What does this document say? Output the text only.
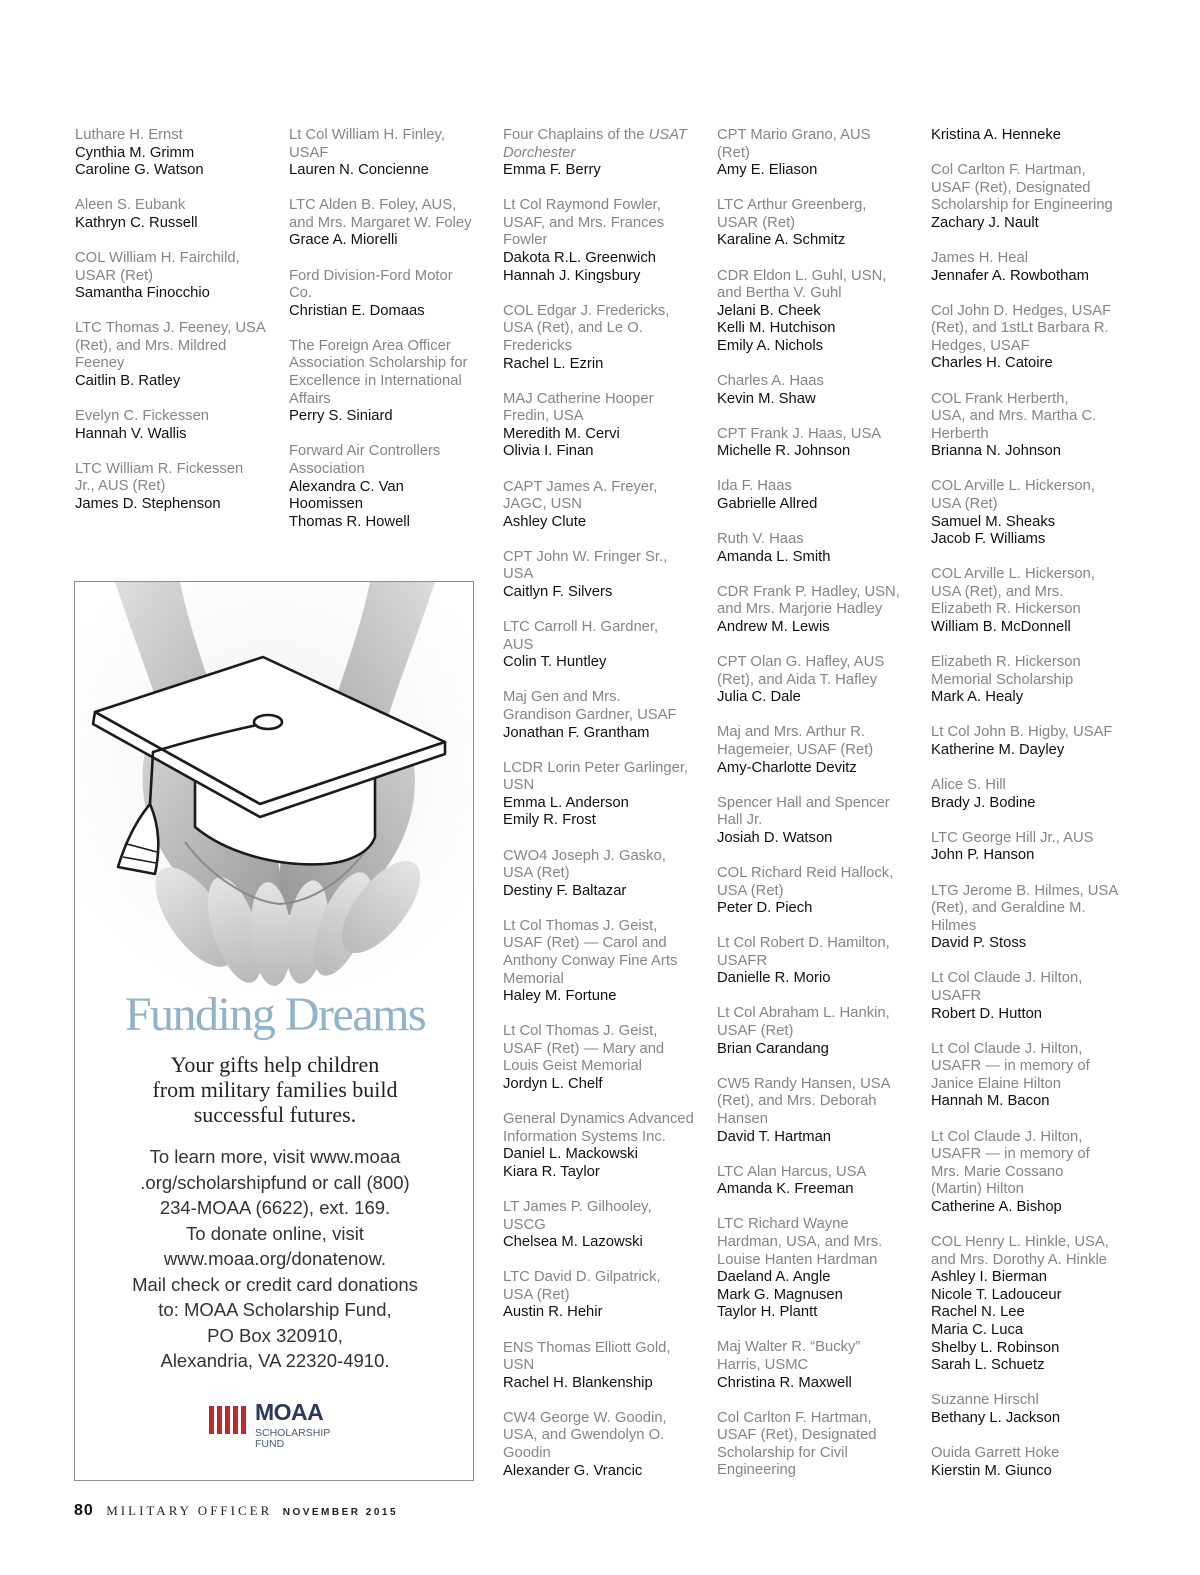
Luthare H. Ernst
Cynthia M. Grimm
Caroline G. Watson
Aleen S. Eubank
Kathryn C. Russell
COL William H. Fairchild,
USAR (Ret)
Samantha Finocchio
LTC Thomas J. Feeney, USA
(Ret), and Mrs. Mildred
Feeney
Caitlin B. Ratley
Evelyn C. Fickessen
Hannah V. Wallis
LTC William R. Fickessen
Jr., AUS (Ret)
James D. Stephenson
Lt Col William H. Finley,
USAF
Lauren N. Concienne
LTC Alden B. Foley, AUS,
and Mrs. Margaret W. Foley
Grace A. Miorelli
Ford Division-Ford Motor
Co.
Christian E. Domaas
The Foreign Area Officer
Association Scholarship for
Excellence in International
Affairs
Perry S. Siniard
Forward Air Controllers
Association
Alexandra C. Van
Hoomissen
Thomas R. Howell
Four Chaplains of the USAT
Dorchester
Emma F. Berry
Lt Col Raymond Fowler,
USAF, and Mrs. Frances
Fowler
Dakota R.L. Greenwich
Hannah J. Kingsbury
COL Edgar J. Fredericks,
USA (Ret), and Le O.
Fredericks
Rachel L. Ezrin
MAJ Catherine Hooper
Fredin, USA
Meredith M. Cervi
Olivia I. Finan
CAPT James A. Freyer,
JAGC, USN
Ashley Clute
CPT John W. Fringer Sr.,
USA
Caitlyn F. Silvers
LTC Carroll H. Gardner,
AUS
Colin T. Huntley
Maj Gen and Mrs.
Grandison Gardner, USAF
Jonathan F. Grantham
LCDR Lorin Peter Garlinger,
USN
Emma L. Anderson
Emily R. Frost
CWO4 Joseph J. Gasko,
USA (Ret)
Destiny F. Baltazar
Lt Col Thomas J. Geist,
USAF (Ret) — Carol and
Anthony Conway Fine Arts
Memorial
Haley M. Fortune
Lt Col Thomas J. Geist,
USAF (Ret) — Mary and
Louis Geist Memorial
Jordyn L. Chelf
General Dynamics Advanced
Information Systems Inc.
Daniel L. Mackowski
Kiara R. Taylor
LT James P. Gilhooley,
USCG
Chelsea M. Lazowski
LTC David D. Gilpatrick,
USA (Ret)
Austin R. Hehir
ENS Thomas Elliott Gold,
USN
Rachel H. Blankenship
CW4 George W. Goodin,
USA, and Gwendolyn O.
Goodin
Alexander G. Vrancic
CPT Mario Grano, AUS
(Ret)
Amy E. Eliason
LTC Arthur Greenberg,
USAR (Ret)
Karaline A. Schmitz
CDR Eldon L. Guhl, USN,
and Bertha V. Guhl
Jelani B. Cheek
Kelli M. Hutchison
Emily A. Nichols
Charles A. Haas
Kevin M. Shaw
CPT Frank J. Haas, USA
Michelle R. Johnson
Ida F. Haas
Gabrielle Allred
Ruth V. Haas
Amanda L. Smith
CDR Frank P. Hadley, USN,
and Mrs. Marjorie Hadley
Andrew M. Lewis
CPT Olan G. Hafley, AUS
(Ret), and Aida T. Hafley
Julia C. Dale
Maj and Mrs. Arthur R.
Hagemeier, USAF (Ret)
Amy-Charlotte Devitz
Spencer Hall and Spencer
Hall Jr.
Josiah D. Watson
COL Richard Reid Hallock,
USA (Ret)
Peter D. Piech
Lt Col Robert D. Hamilton,
USAFR
Danielle R. Morio
Lt Col Abraham L. Hankin,
USAF (Ret)
Brian Carandang
CW5 Randy Hansen, USA
(Ret), and Mrs. Deborah
Hansen
David T. Hartman
LTC Alan Harcus, USA
Amanda K. Freeman
LTC Richard Wayne
Hardman, USA, and Mrs.
Louise Hanten Hardman
Daeland A. Angle
Mark G. Magnusen
Taylor H. Plantt
Maj Walter R. “Bucky”
Harris, USMC
Christina R. Maxwell
Col Carlton F. Hartman,
USAF (Ret), Designated
Scholarship for Civil
Engineering
Kristina A. Henneke
Col Carlton F. Hartman,
USAF (Ret), Designated
Scholarship for Engineering
Zachary J. Nault
James H. Heal
Jennafer A. Rowbotham
Col John D. Hedges, USAF
(Ret), and 1stLt Barbara R.
Hedges, USAF
Charles H. Catoire
COL Frank Herberth,
USA, and Mrs. Martha C.
Herberth
Brianna N. Johnson
COL Arville L. Hickerson,
USA (Ret)
Samuel M. Sheaks
Jacob F. Williams
COL Arville L. Hickerson,
USA (Ret), and Mrs.
Elizabeth R. Hickerson
William B. McDonnell
Elizabeth R. Hickerson
Memorial Scholarship
Mark A. Healy
Lt Col John B. Higby, USAF
Katherine M. Dayley
Alice S. Hill
Brady J. Bodine
LTC George Hill Jr., AUS
John P. Hanson
LTG Jerome B. Hilmes, USA
(Ret), and Geraldine M.
Hilmes
David P. Stoss
Lt Col Claude J. Hilton,
USAFR
Robert D. Hutton
Lt Col Claude J. Hilton,
USAFR — in memory of
Janice Elaine Hilton
Hannah M. Bacon
Lt Col Claude J. Hilton,
USAFR — in memory of
Mrs. Marie Cossano
(Martin) Hilton
Catherine A. Bishop
COL Henry L. Hinkle, USA,
and Mrs. Dorothy A. Hinkle
Ashley I. Bierman
Nicole T. Ladouceur
Rachel N. Lee
Maria C. Luca
Shelby L. Robinson
Sarah L. Schuetz
Suzanne Hirschl
Bethany L. Jackson
Ouida Garrett Hoke
Kierstin M. Giunco
Funding Dreams
Your gifts help children
from military families build
successful futures.
To learn more, visit www.moaa
.org/scholarshipfund or call (800)
234-MOAA (6622), ext. 169.
To donate online, visit
www.moaa.org/donatenow.
Mail check or credit card donations
to: MOAA Scholarship Fund,
PO Box 320910,
Alexandria, VA 22320-4910.
MOAA
SCHOLARSHIP
FUND
80 MILITARY OFFICER NOVEMBER 2015
